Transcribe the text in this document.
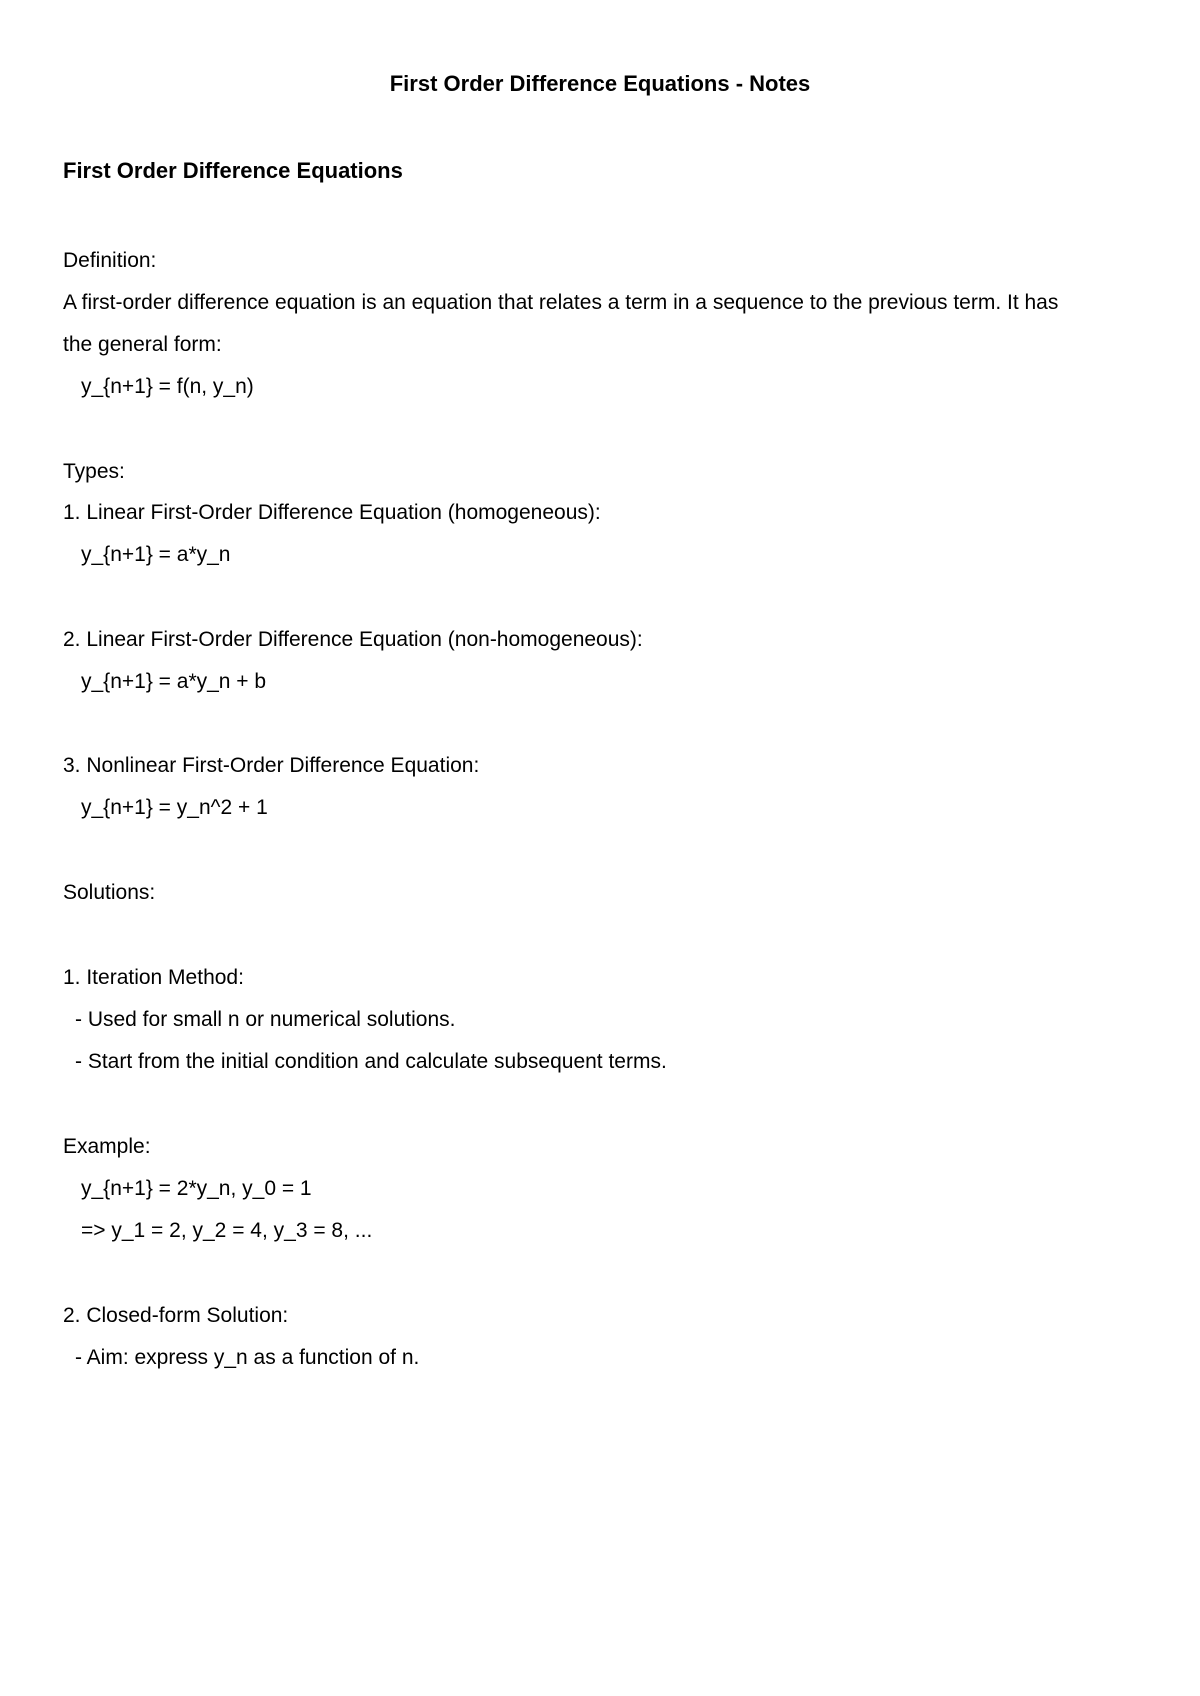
First Order Difference Equations - Notes
First Order Difference Equations
Definition:
A first-order difference equation is an equation that relates a term in a sequence to the previous term. It has
the general form:
y_{n+1} = f(n, y_n)
Types:
1. Linear First-Order Difference Equation (homogeneous):
y_{n+1} = a*y_n
2. Linear First-Order Difference Equation (non-homogeneous):
y_{n+1} = a*y_n + b
3. Nonlinear First-Order Difference Equation:
y_{n+1} = y_n^2 + 1
Solutions:
1. Iteration Method:
- Used for small n or numerical solutions.
- Start from the initial condition and calculate subsequent terms.
Example:
y_{n+1} = 2*y_n, y_0 = 1
=> y_1 = 2, y_2 = 4, y_3 = 8, ...
2. Closed-form Solution:
- Aim: express y_n as a function of n.
